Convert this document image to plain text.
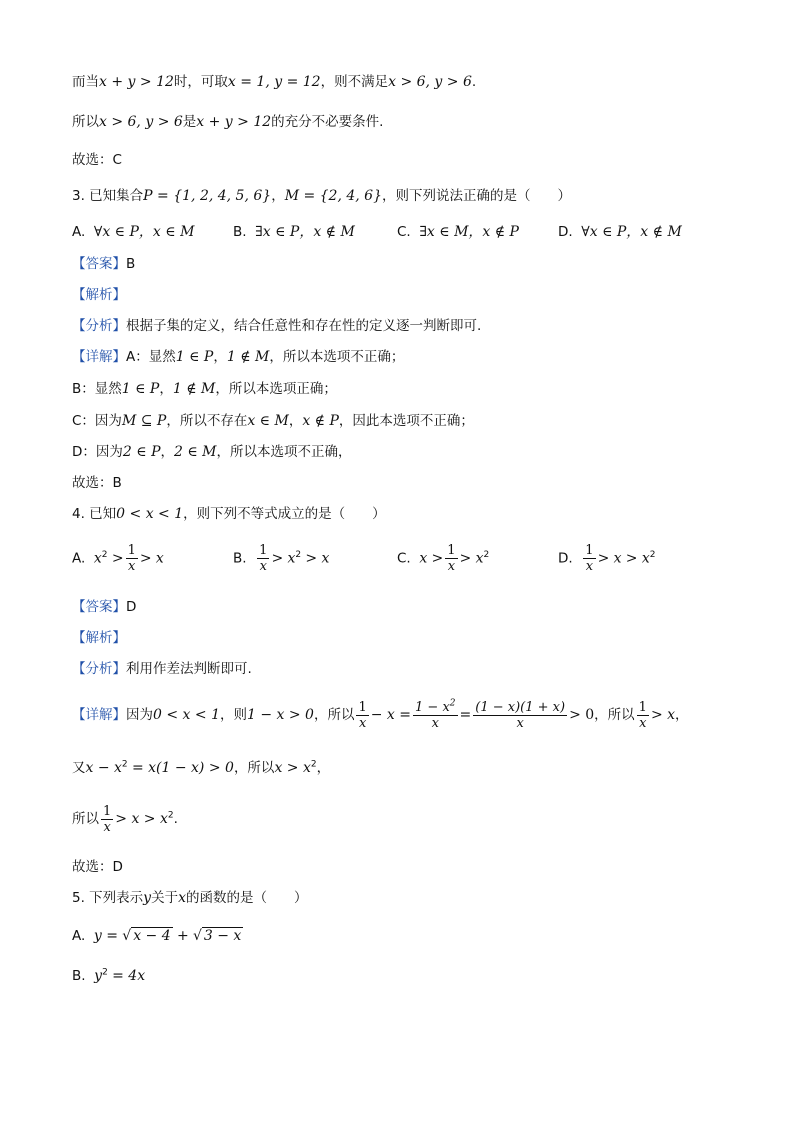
而当x + y > 12时，可取x = 1, y = 12，则不满足x > 6, y > 6.
所以x > 6, y > 6是x + y > 12的充分不必要条件.
故选：C
3. 已知集合P = {1, 2, 4, 5, 6}，M = {2, 4, 6}，则下列说法正确的是（　　）
A. ∀x ∈ P，x ∈ M	B. ∃x ∈ P，x ∉ M	C. ∃x ∈ M，x ∉ P	D. ∀x ∈ P，x ∉ M
【答案】B
【解析】
【分析】根据子集的定义，结合任意性和存在性的定义逐一判断即可.
【详解】A：显然1 ∈ P，1 ∉ M，所以本选项不正确；
B：显然1 ∈ P，1 ∉ M，所以本选项正确；
C：因为M ⊆ P，所以不存在x ∈ M，x ∉ P，因此本选项不正确；
D：因为2 ∈ P，2 ∈ M，所以本选项不正确，
故选：B
4. 已知0 < x < 1，则下列不等式成立的是（　　）
A. $x^2 > \frac{1}{x} > x$	B. $\frac{1}{x} > x^2 > x$	C. $x > \frac{1}{x} > x^2$	D. $\frac{1}{x} > x > x^2$
【答案】D
【解析】
【分析】利用作差法判断即可.
【详解】因为0 < x < 1，则1 − x > 0，所以 $\frac{1}{x} - x = \frac{1 - x^2}{x} = \frac{(1 - x)(1 + x)}{x} > 0$，所以 $\frac{1}{x} > x$，
又$x - x^2 = x(1 - x) > 0$，所以$x > x^2$，
所以 $\frac{1}{x} > x > x^2$.
故选：D
5. 下列表示y关于x的函数的是（　　）
A. y = √ x − 4 + √ 3 − x
B. $y^2 = 4x$
